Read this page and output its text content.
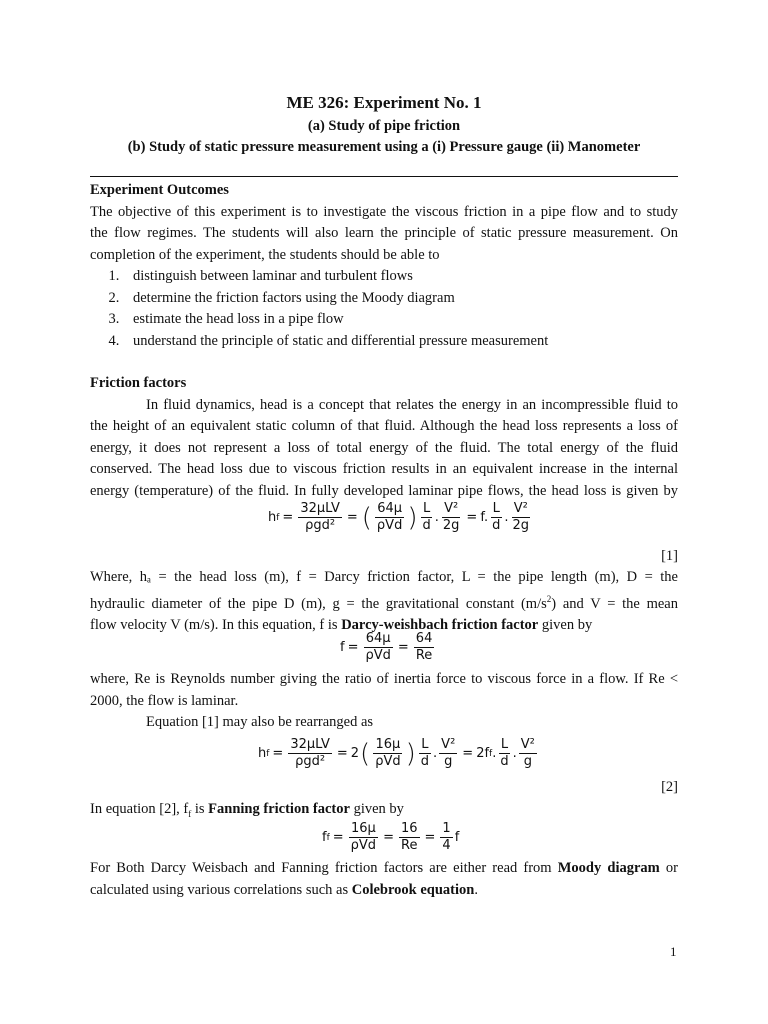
ME 326: Experiment No. 1
(a) Study of pipe friction
(b) Study of static pressure measurement using a (i) Pressure gauge (ii) Manometer

Experiment Outcomes

The objective of this experiment is to investigate the viscous friction in a pipe flow and to study

the flow regimes. The students will also learn the principle of static pressure measurement. On

completion of the experiment, the students should be able to

1. distinguish between laminar and turbulent flows
2. determine the friction factors using the Moody diagram
3. estimate the head loss in a pipe flow
4. understand the principle of static and differential pressure measurement

Friction factors

In fluid dynamics, head is a concept that relates the energy in an incompressible fluid to

the height of an equivalent static column of that fluid. Although the head loss represents a loss of

energy, it does not represent a loss of total energy of the fluid. The total energy of the fluid

conserved. The head loss due to viscous friction results in an equivalent increase in the internal

energy (temperature) of the fluid. In fully developed laminar pipe flows, the head loss is given by

h $f = \frac{\text{32μLV}}{\text{ρgd²}}$ = ( $\frac{64\mu}{\text{ρVd}}$ ) $\frac{L}{d}$ . $\frac{\text{V²}}{2g} = f$. $\frac{L}{d}$ . $\frac{\text{V²}}{2g}$
[1]

Where, hₐ = the head loss (m), f = Darcy friction factor, L = the pipe length (m), D = the

hydraulic diameter of the pipe D (m), g = the gravitational constant $(m/s^2)$ and V = the mean

flow velocity V (m/s). In this equation, f is Darcy-weishbach friction factor given by

$f = \frac{64\mu}{\text{ρVd}} = \frac{64}{Re}$

where, Re is Reynolds number giving the ratio of inertia force to viscous force in a flow. If Re <

2000, the flow is laminar.

Equation [1] may also be rearranged as

h $f = \frac{\text{32μLV}}{\text{ρgd²}} = 2$ ( $\frac{16\mu}{\text{ρVd}}$ ) $\frac{L}{d}$ . $\frac{\text{V²}}{g} = 2f$ f . $\frac{L}{d}$ . $\frac{\text{V²}}{g}$
[2]

In equation [2], $f_f$ is Fanning friction factor given by

f $f = \frac{16\mu}{\text{ρVd}} = \frac{16}{Re} = \frac{1}{4}$ f

For Both Darcy Weisbach and Fanning friction factors are either read from Moody diagram or

calculated using various correlations such as Colebrook equation.

1
